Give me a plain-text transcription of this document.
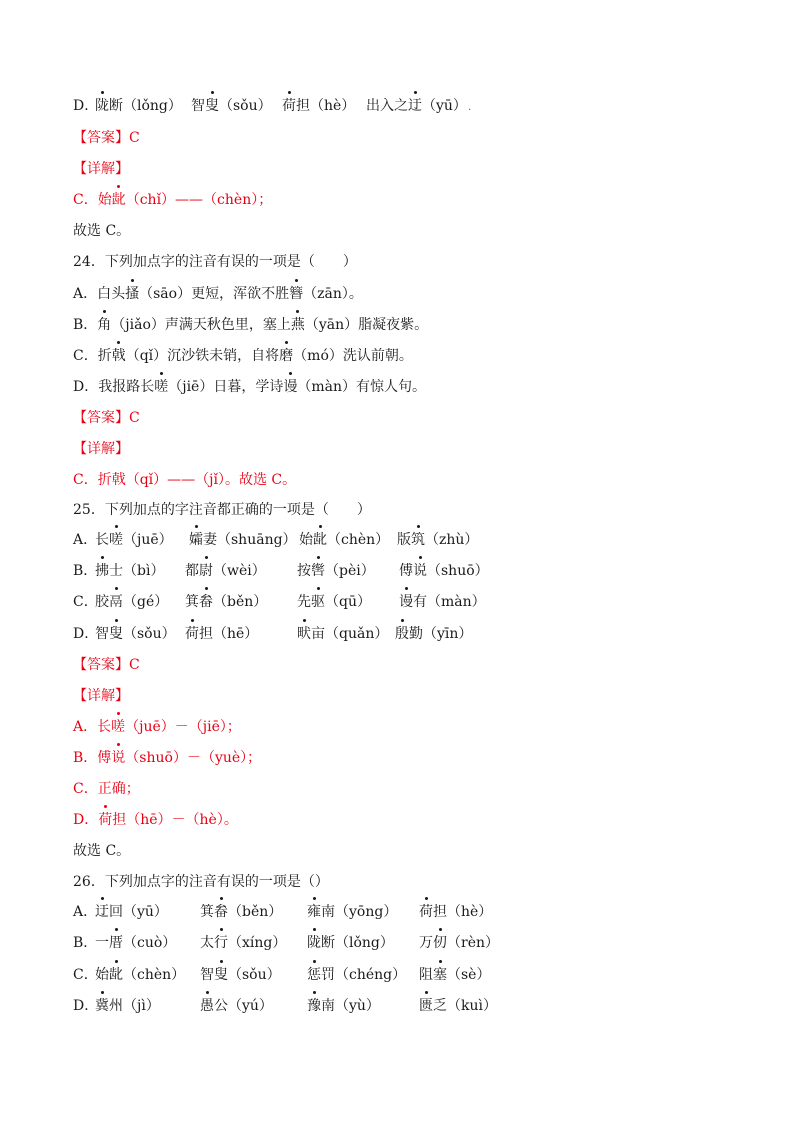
D．
陇断（lǒng） 智叟（sǒu） 荷担（hè） 出入之迂（yū）.
【答案】C
【详解】
C．始龀（chǐ）——（chèn）；
故选 C。
24．下列加点字的注音有误的一项是（　　）
A．白头搔（sāo）更短，浑欲不胜簪（zān）。
B．角（jiǎo）声满天秋色里，塞上燕（yān）脂凝夜紫。
C．折戟（qǐ）沉沙铁未销，自将磨（mó）洗认前朝。
D．我报路长嗟（jiē）日暮，学诗谩（màn）有惊人句。
【答案】C
【详解】
C．折戟（qǐ）——（jǐ）。故选 C。
25．下列加点的字注音都正确的一项是（　　）
A．
长嗟（juē） 孀妻（shuāng） 始龀（chèn） 版筑（zhù）
B．
拂士（bì） 都尉（wèi） 按辔（pèi） 傅说（shuō）
C．
胶鬲（gé） 箕畚（běn） 先驱（qū） 谩有（màn）
D．
智叟（sǒu） 荷担（hē）	畎亩（quǎn） 殷勤（yīn）
【答案】C
【详解】
A．长嗟（juē）－（jiē）；
B．傅说（shuō）－（yuè）；
C．正确；
D．荷担（hē）－（hè）。
故选 C。
26．下列加点字的注音有误的一项是（）
A．
迂回（yū） 箕畚（běn） 雍南（yōng） 荷担（hè）
B．
一厝（cuò） 太行（xíng） 陇断（lǒng） 万仞（rèn）
C．
始龀（chèn） 智叟（sǒu） 惩罚（chéng） 阻塞（sè）
D．
冀州（jì）	愚公（yú） 豫南（yù）	匮乏（kuì）
